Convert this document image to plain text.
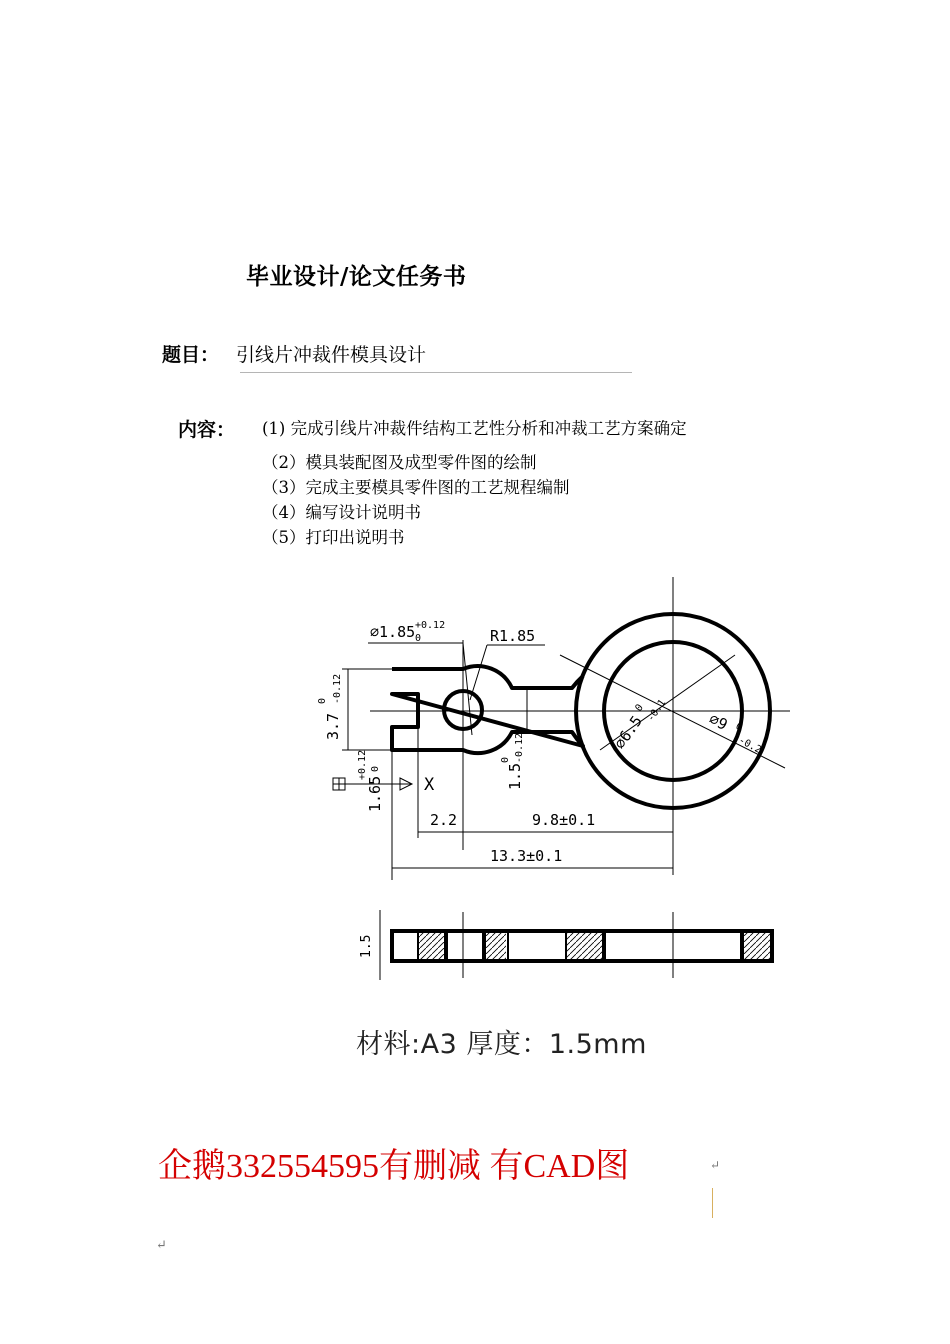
毕业设计/论文任务书
题目： 引线片冲裁件模具设计
内容： (1) 完成引线片冲裁件结构工艺性分析和冲裁工艺方案确定
（2）模具装配图及成型零件图的绘制
（3）完成主要模具零件图的工艺规程编制
（4）编写设计说明书
（5）打印出说明书
∅1.85 +0.12
0	R1.85
3.7
0 -0.12
1.5
0 -0.12
X
1.65
+0.12 0
2.2	9.8±0.1
13.3±0.1
∅6.5
0 -0.1	∅9 0
-0.2
1.5
材料:A3 厚度：1.5mm
企鹅332554595有删减 有CAD图	↵
↵
